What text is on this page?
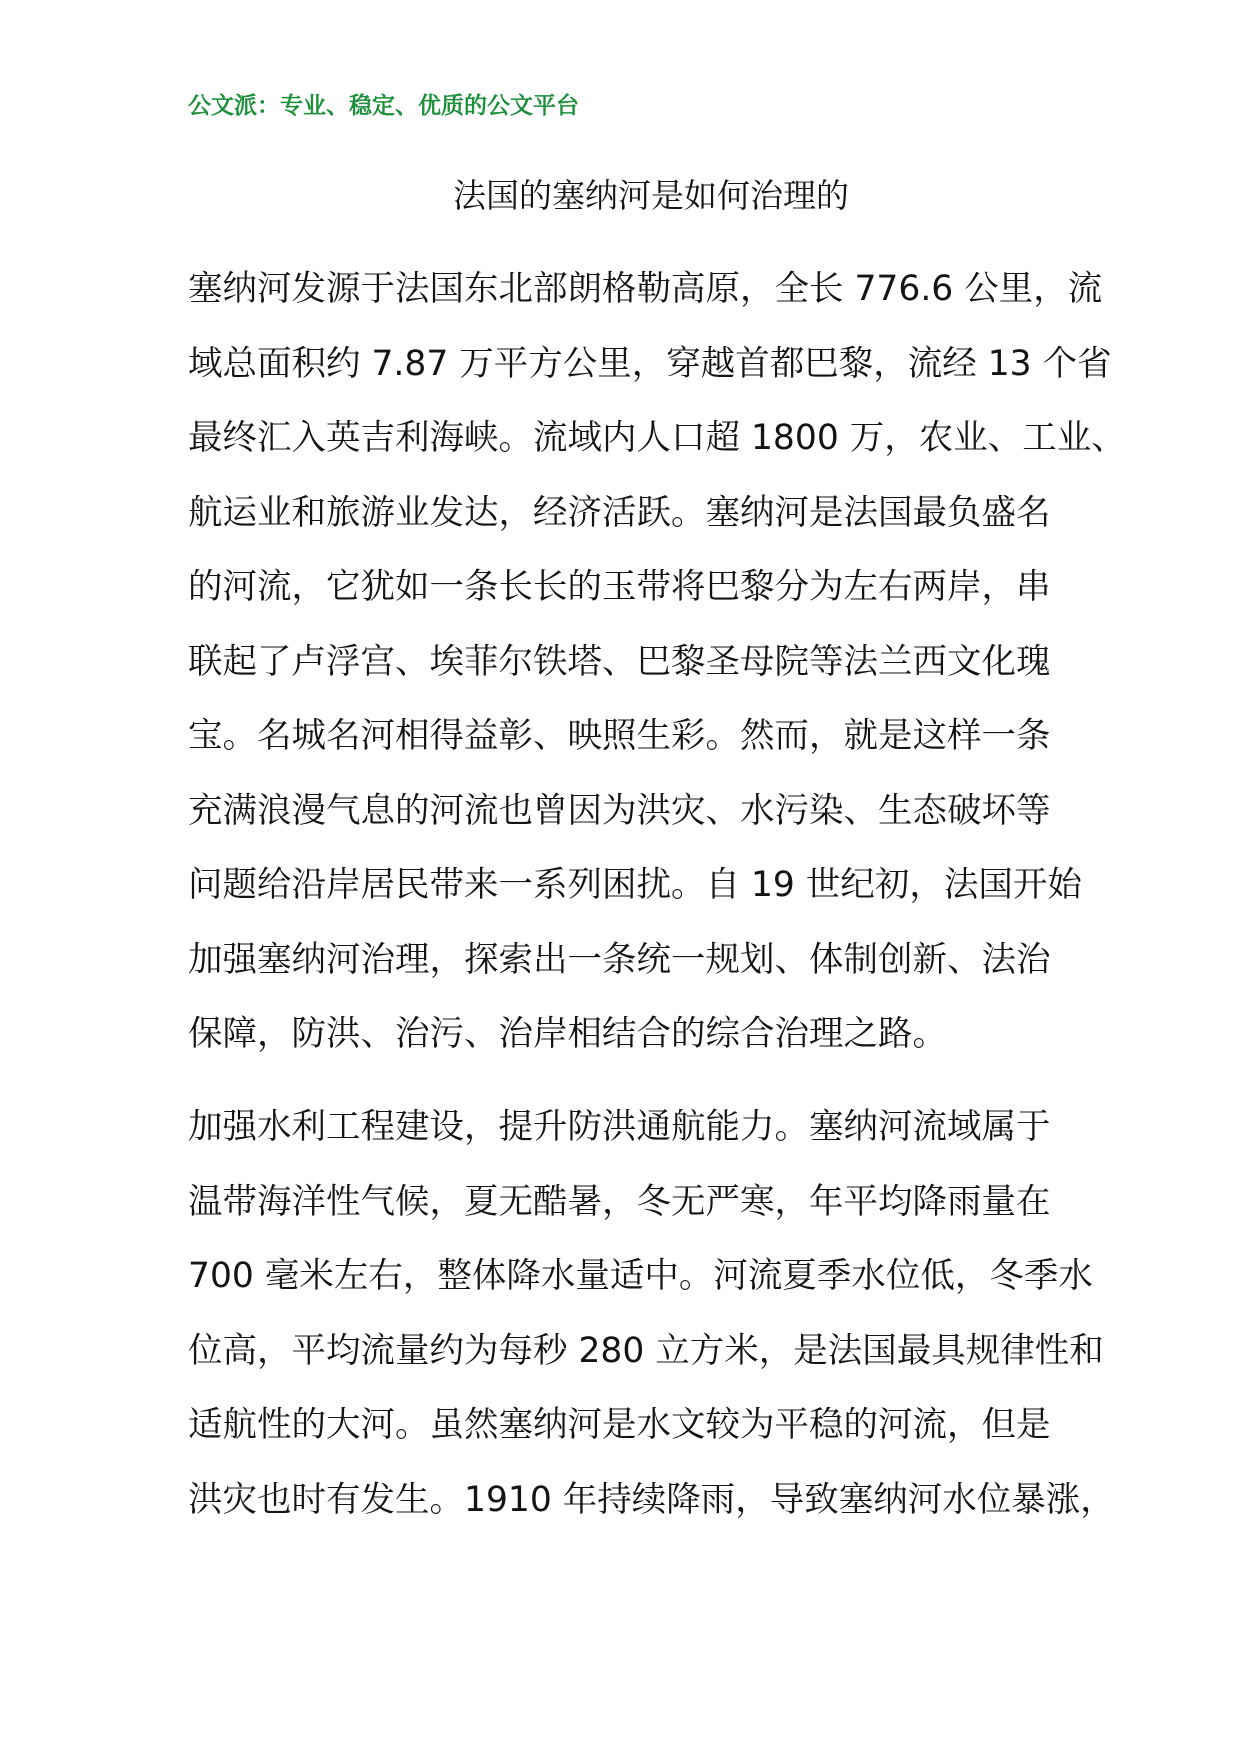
公文派：专业、稳定、优质的公文平台
法国的塞纳河是如何治理的
塞纳河发源于法国东北部朗格勒高原，全长 776.6 公里，流
域总面积约 7.87 万平方公里，穿越首都巴黎，流经 13 个省
最终汇入英吉利海峡。流域内人口超 1800 万，农业、工业、
航运业和旅游业发达，经济活跃。塞纳河是法国最负盛名
的河流，它犹如一条长长的玉带将巴黎分为左右两岸，串
联起了卢浮宫、埃菲尔铁塔、巴黎圣母院等法兰西文化瑰
宝。名城名河相得益彰、映照生彩。然而，就是这样一条
充满浪漫气息的河流也曾因为洪灾、水污染、生态破坏等
问题给沿岸居民带来一系列困扰。自 19 世纪初，法国开始
加强塞纳河治理，探索出一条统一规划、体制创新、法治
保障，防洪、治污、治岸相结合的综合治理之路。
加强水利工程建设，提升防洪通航能力。塞纳河流域属于
温带海洋性气候，夏无酷暑，冬无严寒，年平均降雨量在
700 毫米左右，整体降水量适中。河流夏季水位低，冬季水
位高，平均流量约为每秒 280 立方米，是法国最具规律性和
适航性的大河。虽然塞纳河是水文较为平稳的河流，但是
洪灾也时有发生。1910 年持续降雨，导致塞纳河水位暴涨，
